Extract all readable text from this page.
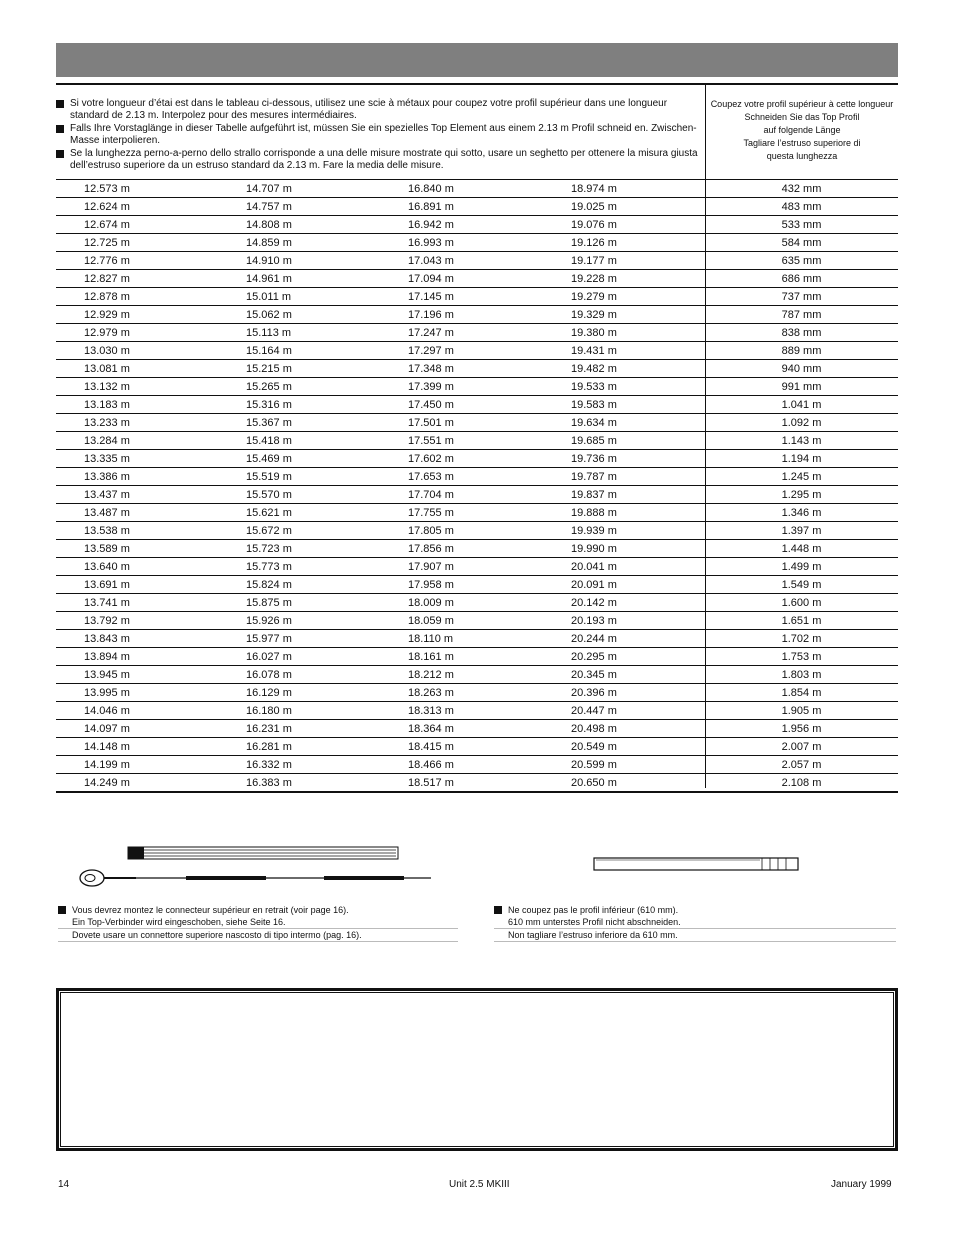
Si votre longueur d’étai est dans le tableau ci-dessous, utilisez une scie à métaux pour coupez votre profil supérieur dans une longueur standard de 2.13 m. Interpolez pour des mesures intermédiaires.

Falls Ihre Vorstaglänge in dieser Tabelle aufgeführt ist, müssen Sie ein spezielles Top Element aus einem 2.13 m Profil schneid en. Zwischen-Masse interpolieren.

Se la lunghezza perno-a-perno dello strallo corrisponde a una delle misure mostrate qui sotto, usare un seghetto per ottenere la misura giusta dell’estruso superiore da un estruso standard da 2.13 m. Fare la media delle misure.

Coupez votre profil supérieur à cette longueur
Schneiden Sie das Top Profil
auf folgende Länge
Tagliare l’estruso superiore di
questa lunghezza
12.573 m	14.707 m	16.840 m	18.974 m	432 mm
12.624 m	14.757 m	16.891 m	19.025 m	483 mm
12.674 m	14.808 m	16.942 m	19.076 m	533 mm
12.725 m	14.859 m	16.993 m	19.126 m	584 mm
12.776 m	14.910 m	17.043 m	19.177 m	635 mm
12.827 m	14.961 m	17.094 m	19.228 m	686 mm
12.878 m	15.011 m	17.145 m	19.279 m	737 mm
12.929 m	15.062 m	17.196 m	19.329 m	787 mm
12.979 m	15.113 m	17.247 m	19.380 m	838 mm
13.030 m	15.164 m	17.297 m	19.431 m	889 mm
13.081 m	15.215 m	17.348 m	19.482 m	940 mm
13.132 m	15.265 m	17.399 m	19.533 m	991 mm
13.183 m	15.316 m	17.450 m	19.583 m	1.041 m
13.233 m	15.367 m	17.501 m	19.634 m	1.092 m
13.284 m	15.418 m	17.551 m	19.685 m	1.143 m
13.335 m	15.469 m	17.602 m	19.736 m	1.194 m
13.386 m	15.519 m	17.653 m	19.787 m	1.245 m
13.437 m	15.570 m	17.704 m	19.837 m	1.295 m
13.487 m	15.621 m	17.755 m	19.888 m	1.346 m
13.538 m	15.672 m	17.805 m	19.939 m	1.397 m
13.589 m	15.723 m	17.856 m	19.990 m	1.448 m
13.640 m	15.773 m	17.907 m	20.041 m	1.499 m
13.691 m	15.824 m	17.958 m	20.091 m	1.549 m
13.741 m	15.875 m	18.009 m	20.142 m	1.600 m
13.792 m	15.926 m	18.059 m	20.193 m	1.651 m
13.843 m	15.977 m	18.110 m	20.244 m	1.702 m
13.894 m	16.027 m	18.161 m	20.295 m	1.753 m
13.945 m	16.078 m	18.212 m	20.345 m	1.803 m
13.995 m	16.129 m	18.263 m	20.396 m	1.854 m
14.046 m	16.180 m	18.313 m	20.447 m	1.905 m
14.097 m	16.231 m	18.364 m	20.498 m	1.956 m
14.148 m	16.281 m	18.415 m	20.549 m	2.007 m
14.199 m	16.332 m	18.466 m	20.599 m	2.057 m
14.249 m	16.383 m	18.517 m	20.650 m	2.108 m
Vous devrez montez le connecteur supérieur en retrait (voir page 16).
Ein Top-Verbinder wird eingeschoben, siehe Seite 16.
Dovete usare un connettore superiore nascosto di tipo intermo (pag. 16).
Ne coupez pas le profil inférieur (610 mm).
610 mm unterstes Profil nicht abschneiden.
Non tagliare l’estruso inferiore da 610 mm.
14	Unit 2.5 MKIII	January 1999
